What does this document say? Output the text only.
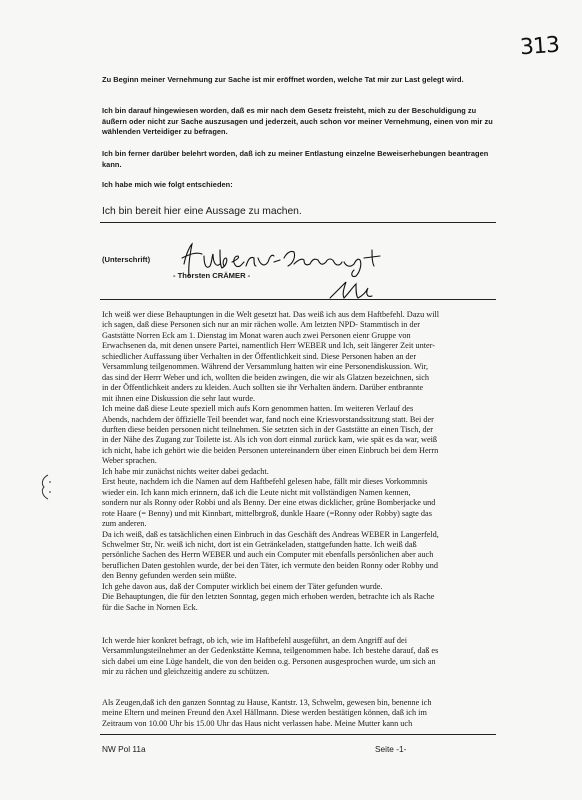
313

Zu Beginn meiner Vernehmung zur Sache ist mir eröffnet worden, welche Tat mir zur Last gelegt wird.

Ich bin darauf hingewiesen worden, daß es mir nach dem Gesetz freisteht, mich zu der Beschuldigung zu äußern oder nicht zur Sache auszusagen und jederzeit, auch schon vor meiner Vernehmung, einen von mir zu wählenden Verteidiger zu befragen.

Ich bin ferner darüber belehrt worden, daß ich zu meiner Entlastung einzelne Beweiserhebungen beantragen kann.

Ich habe mich wie folgt entschieden:

Ich bin bereit hier eine Aussage zu machen.

(Unterschrift)

- Thorsten CRÄMER -

Ich weiß wer diese Behauptungen in die Welt gesetzt hat. Das weiß ich aus dem Haftbefehl. Dazu will
ich sagen, daß diese Personen sich nur an mir rächen wolle. Am letzten NPD- Stammtisch in der
Gaststätte Norren Eck am 1. Dienstag im Monat waren auch zwei Personen eienr Gruppe von
Erwachsenen da, mit denen unsere Partei, namentlich Herr WEBER und Ich, seit längerer Zeit unter-
schiedlicher Auffassung über Verhalten in der Öffentlichkeit sind. Diese Personen haben an der
Versammlung teilgenommen. Während der Versammlung hatten wir eine Personendiskussion. Wir,
das sind der Herrr Weber und ich, wollten die beiden zwingen, die wir als Glatzen bezeichnen, sich
in der Öffentlichkeit anders zu kleiden. Auch sollten sie ihr Verhalten ändern. Darüber entbrannte
mit ihnen eine Diskussion die sehr laut wurde.
Ich meine daß diese Leute speziell mich aufs Korn genommen hatten. Im weiteren Verlauf des
Abends, nachdem der öffizielle Teil beendet war, fand noch eine Kriesvorstandssitzung statt. Bei der
durften diese beiden personen nicht teilnehmen. Sie setzten sich in der Gaststätte an einen Tisch, der
in der Nähe des Zugang zur Toilette ist. Als ich von dort einmal zurück kam, wie spät es da war, weiß
ich nicht, habe ich gehört wie die beiden Personen untereinandern über einen Einbruch bei dem Herrn
Weber sprachen.
Ich habe mir zunächst nichts weiter dabei gedacht.
Erst heute, nachdem ich die Namen auf dem Haftbefehl gelesen habe, fällt mir dieses Vorkommnis
wieder ein. Ich kann mich erinnern, daß ich die Leute nicht mit vollständigen Namen kennen,
sondern nur als Ronny oder Robbi und als Benny. Der eine etwas dicklicher, grüne Bomberjacke und
rote Haare (= Benny) und mit Kinnbart, mittelbrgroß, dunkle Haare (=Ronny oder Robby) sagte das
zum anderen.
Da ich weiß, daß es tatsächlichen einen Einbruch in das Geschäft des Andreas WEBER in Langerfeld,
Schwelmer Str, Nr. weiß ich nicht, dort ist ein Getränkeladen, stattgefunden hatte. Ich weiß daß
persönliche Sachen des Herrn WEBER und auch ein Computer mit ebenfalls persönlichen aber auch
beruflichen Daten gestohlen wurde, der bei den Täter, ich vermute den beiden Ronny oder Robby und
den Benny gefunden werden sein müßte.
Ich gehe davon aus, daß der Computer wirklich bei einem der Täter gefunden wurde.
Die Behauptungen, die für den letzten Sonntag, gegen mich erhoben werden, betrachte ich als Rache
für die Sache in Nornen Eck.
Ich werde hier konkret befragt, ob ich, wie im Haftbefehl ausgeführt, an dem Angriff auf dei
Versammlungsteilnehmer an der Gedenkstätte Kemna, teilgenommen habe. Ich bestehe darauf, daß es
sich dabei um eine Lüge handelt, die von den beiden o.g. Personen ausgesprochen wurde, um sich an
mir zu rächen und gleichzeitig andere zu schützen.
Als Zeugen,daß ich den ganzen Sonntag zu Hause, Kantstr. 13, Schwelm, gewesen bin, benenne ich
meine Eltern und meinen Freund den Axel Hällmann. Diese werden bestätigen können, daß ich im
Zeitraum von 10.00 Uhr bis 15.00 Uhr das Haus nicht verlassen habe. Meine Mutter kann uch

NW Pol 11a	Seite -1-
